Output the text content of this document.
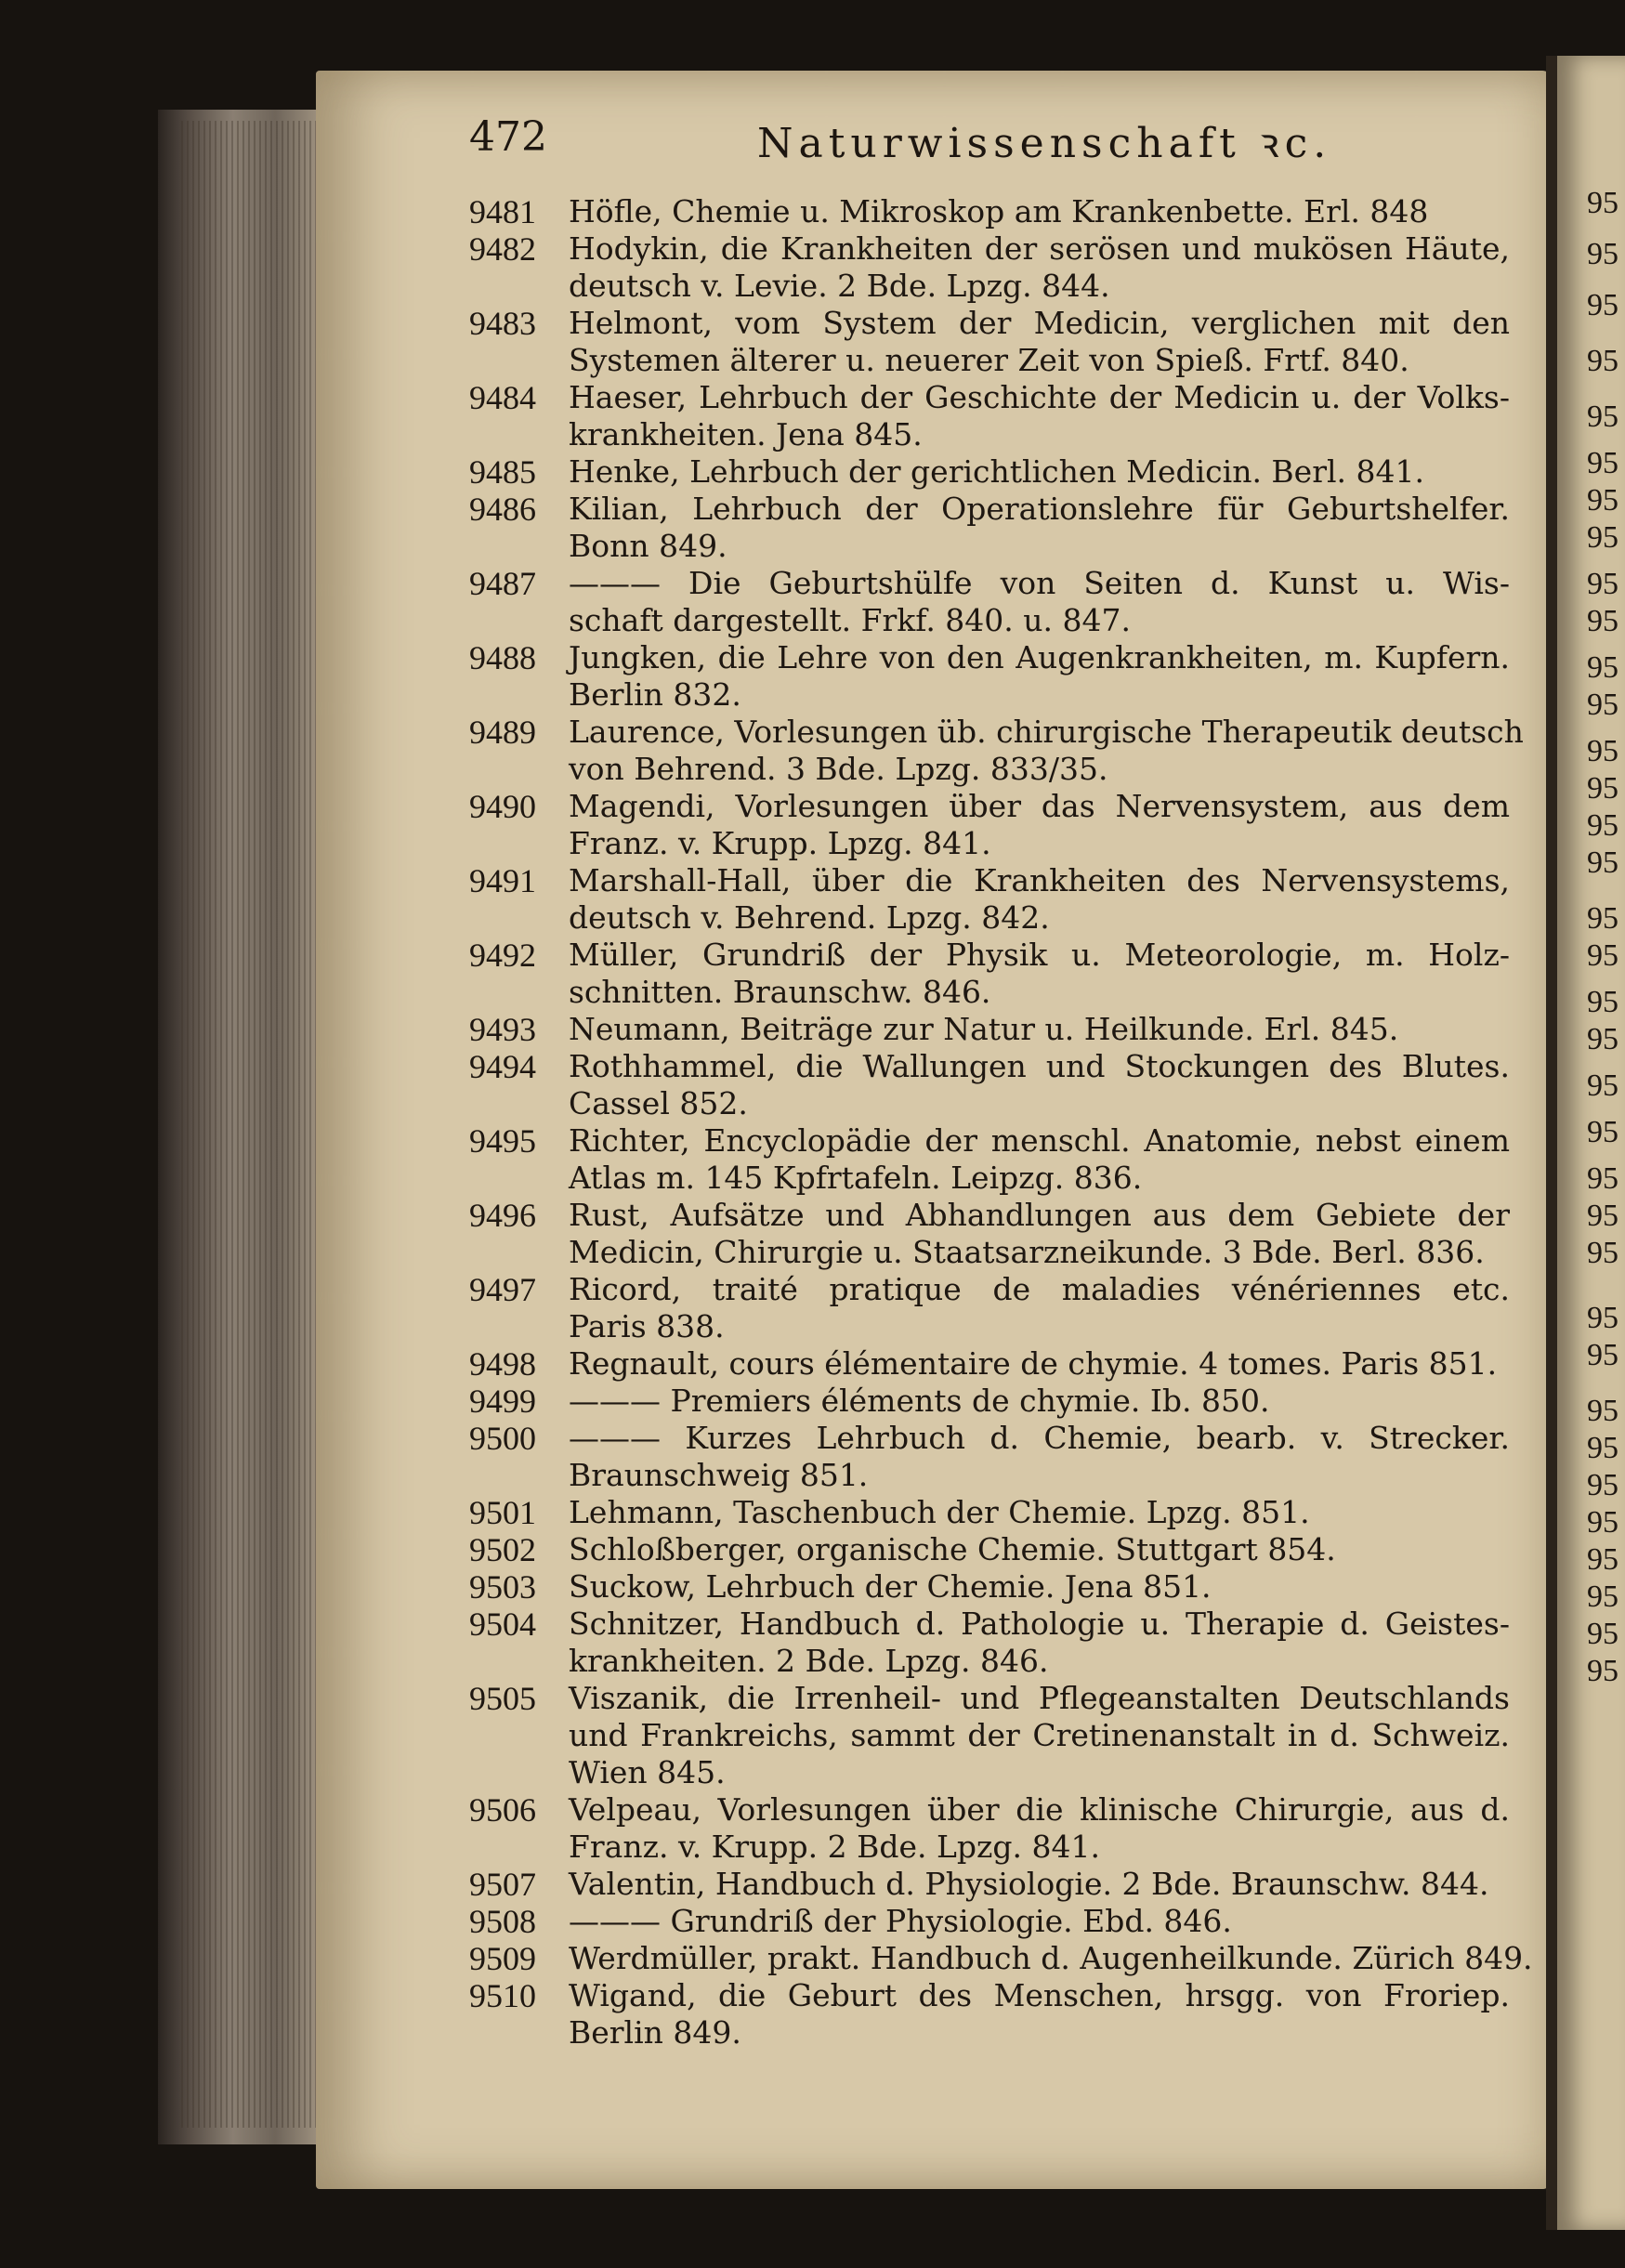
472	Naturwissenschaft ꝛc.
9481	Höfle, Chemie u. Mikroskop am Krankenbette. Erl. 848
9482	Hodykin, die Krankheiten der serösen und mukösen Häute,
deutsch v. Levie. 2 Bde. Lpzg. 844.
9483	Helmont, vom System der Medicin, verglichen mit den
Systemen älterer u. neuerer Zeit von Spieß. Frtf. 840.
9484	Haeser, Lehrbuch der Geschichte der Medicin u. der Volks-
krankheiten. Jena 845.
9485	Henke, Lehrbuch der gerichtlichen Medicin. Berl. 841.
9486	Kilian, Lehrbuch der Operationslehre für Geburtshelfer.
Bonn 849.
9487	——— Die Geburtshülfe von Seiten d. Kunst u. Wis-
schaft dargestellt. Frkf. 840. u. 847.
9488	Jungken, die Lehre von den Augenkrankheiten, m. Kupfern.
Berlin 832.
9489	Laurence, Vorlesungen üb. chirurgische Therapeutik deutsch
von Behrend. 3 Bde. Lpzg. 833/35.
9490	Magendi, Vorlesungen über das Nervensystem, aus dem
Franz. v. Krupp. Lpzg. 841.
9491	Marshall-Hall, über die Krankheiten des Nervensystems,
deutsch v. Behrend. Lpzg. 842.
9492	Müller, Grundriß der Physik u. Meteorologie, m. Holz-
schnitten. Braunschw. 846.
9493	Neumann, Beiträge zur Natur u. Heilkunde. Erl. 845.
9494	Rothhammel, die Wallungen und Stockungen des Blutes.
Cassel 852.
9495	Richter, Encyclopädie der menschl. Anatomie, nebst einem
Atlas m. 145 Kpfrtafeln. Leipzg. 836.
9496	Rust, Aufsätze und Abhandlungen aus dem Gebiete der
Medicin, Chirurgie u. Staatsarzneikunde. 3 Bde. Berl. 836.
9497	Ricord, traité pratique de maladies vénériennes etc.
Paris 838.
9498	Regnault, cours élémentaire de chymie. 4 tomes. Paris 851.
9499	——— Premiers éléments de chymie. Ib. 850.
9500	——— Kurzes Lehrbuch d. Chemie, bearb. v. Strecker.
Braunschweig 851.
9501	Lehmann, Taschenbuch der Chemie. Lpzg. 851.
9502	Schloßberger, organische Chemie. Stuttgart 854.
9503	Suckow, Lehrbuch der Chemie. Jena 851.
9504	Schnitzer, Handbuch d. Pathologie u. Therapie d. Geistes-
krankheiten. 2 Bde. Lpzg. 846.
9505	Viszanik, die Irrenheil- und Pflegeanstalten Deutschlands
und Frankreichs, sammt der Cretinenanstalt in d. Schweiz.
Wien 845.
9506	Velpeau, Vorlesungen über die klinische Chirurgie, aus d.
Franz. v. Krupp. 2 Bde. Lpzg. 841.
9507	Valentin, Handbuch d. Physiologie. 2 Bde. Braunschw. 844.
9508	——— Grundriß der Physiologie. Ebd. 846.
9509	Werdmüller, prakt. Handbuch d. Augenheilkunde. Zürich 849.
9510	Wigand, die Geburt des Menschen, hrsgg. von Froriep.
Berlin 849.
95
95
95
95
95
95
95
95
95
95
95
95
95
95
95
95
95
95
95
95
95
95
95
95
95
95
95
95
95
95
95
95
95
95
95
